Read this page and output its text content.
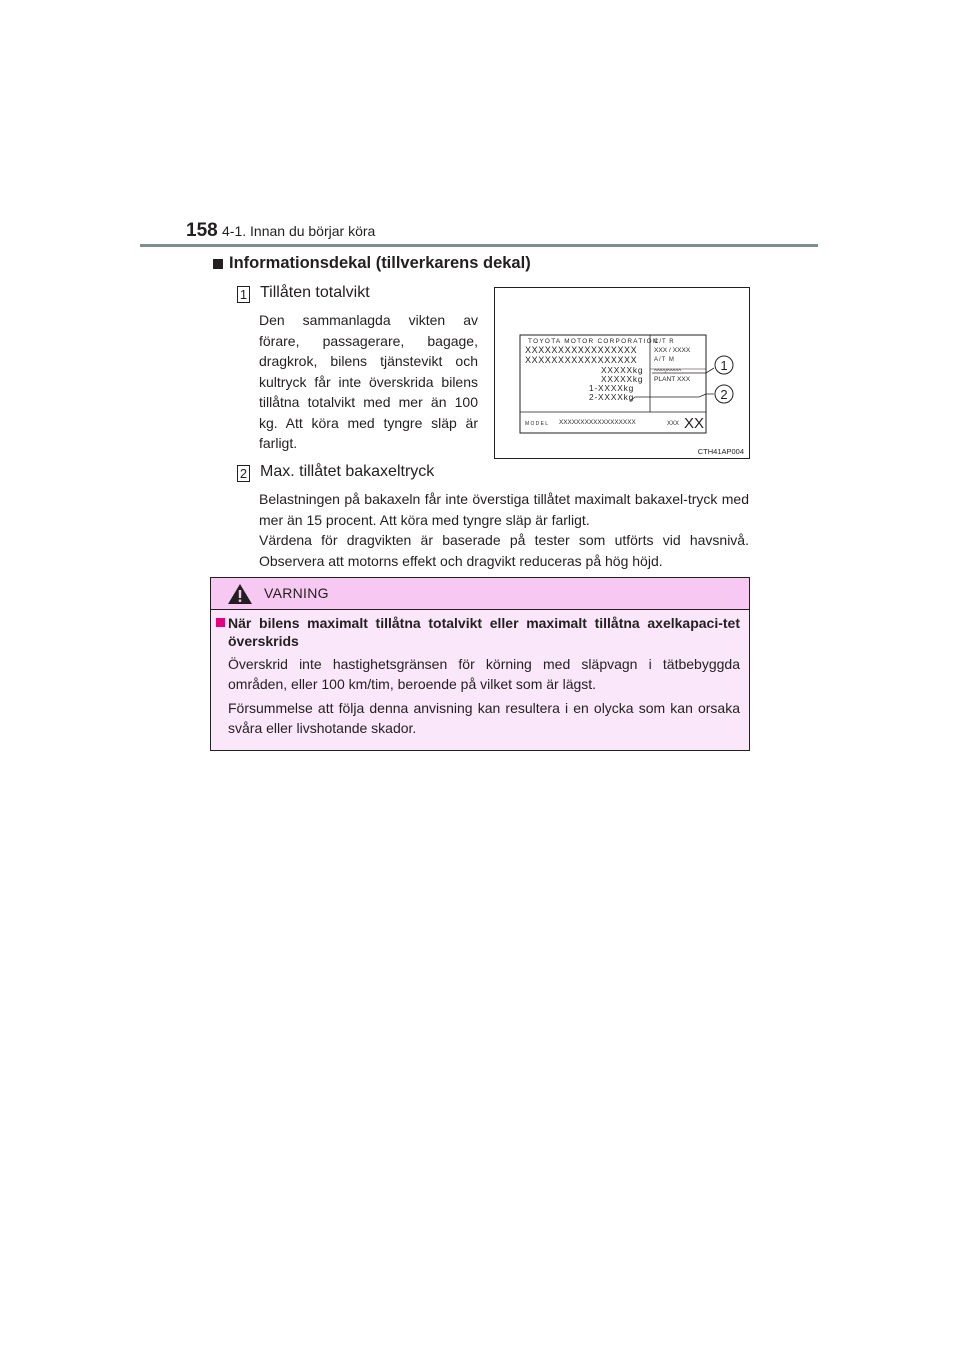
158 4-1. Innan du börjar köra
Informationsdekal (tillverkarens dekal)
1 Tillåten totalvikt
Den sammanlagda vikten av förare, passagerare, bagage, dragkrok, bilens tjänstevikt och kultryck får inte överskrida bilens tillåtna totalvikt med mer än 100 kg. Att köra med tyngre släp är farligt.
TOYOTA MOTOR CORPORATION
XXXXXXXXXXXXXXXXX
XXXXXXXXXXXXXXXXX
XXXXXkg
XXXXXkg
1-XXXXkg
2-XXXXkg
C/T R
XXX / XXXX
A/T M
^^^^/^^^^^
PLANT XXX
MODEL XXXXXXXXXXXXXXXXXX	XXX XX
1
2
CTH41AP004
2 Max. tillåtet bakaxeltryck
Belastningen på bakaxeln får inte överstiga tillåtet maximalt bakaxel-tryck med mer än 15 procent. Att köra med tyngre släp är farligt.
Värdena för dragvikten är baserade på tester som utförts vid havsnivå. Observera att motorns effekt och dragvikt reduceras på hög höjd.
VARNING
När bilens maximalt tillåtna totalvikt eller maximalt tillåtna axelkapaci-tet överskrids
Överskrid inte hastighetsgränsen för körning med släpvagn i tätbebyggda områden, eller 100 km/tim, beroende på vilket som är lägst.
Försummelse att följa denna anvisning kan resultera i en olycka som kan orsaka svåra eller livshotande skador.
